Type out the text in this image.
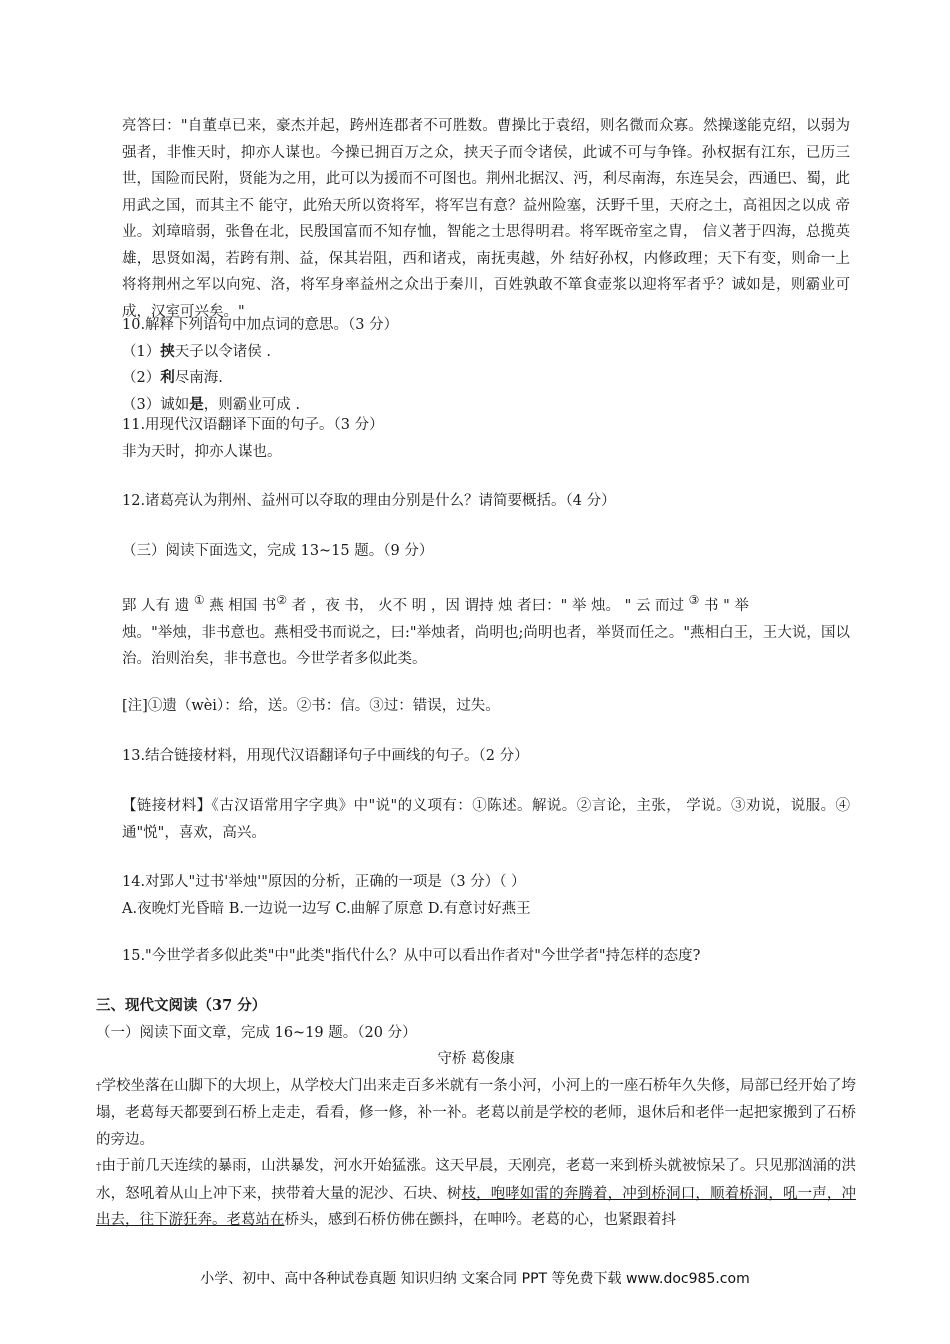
亮答曰："自董卓已来，豪杰并起，跨州连郡者不可胜数。曹操比于袁绍，则名微而众寡。然操遂能克绍，以弱为强者，非惟天时，抑亦人谋也。今操已拥百万之众，挟天子而令诸侯，此诚不可与争锋。孙权据有江东，已历三世，国险而民附，贤能为之用，此可以为援而不可图也。荆州北据汉、沔，利尽南海，东连吴会，西通巴、蜀，此用武之国，而其主不 能守，此殆天所以资将军，将军岂有意？益州险塞，沃野千里，天府之土，高祖因之以成 帝业。刘璋暗弱，张鲁在北，民殷国富而不知存恤，智能之士思得明君。将军既帝室之胄， 信义著于四海，总揽英雄，思贤如渴，若跨有荆、益，保其岩阻，西和诸戎，南抚夷越，外 结好孙权，内修政理；天下有变，则命一上将将荆州之军以向宛、洛，将军身率益州之众出于秦川，百姓孰敢不箪食壶浆以迎将军者乎？诚如是，则霸业可成，汉室可兴矣。"
10.解释下列语句中加点词的意思。（3 分）
（1）挟天子以令诸侯 .
（2）利尽南海.
（3）诚如是，则霸业可成 .
11.用现代汉语翻译下面的句子。（3 分）
非为天时，抑亦人谋也。
12.诸葛亮认为荆州、益州可以夺取的理由分别是什么？请简要概括。（4 分）
（三）阅读下面选文，完成 13~15 题。（9 分）
郢 人有 遗 ① 燕 相国 书② 者 ，夜 书， 火不 明 ，因 谓持 烛 者曰：" 举 烛。 " 云 而过 ③ 书 " 举
烛。"举烛，非书意也。燕相受书而说之，曰:"举烛者，尚明也;尚明也者，举贤而任之。"燕相白王，王大说，国以治。治则治矣，非书意也。今世学者多似此类。
[注]①遗（wèi）：给，送。②书：信。③过：错误，过失。
13.结合链接材料，用现代汉语翻译句子中画线的句子。（2 分）
【链接材料】《古汉语常用字字典》中"说"的义项有：①陈述。解说。②言论，主张， 学说。③劝说，说服。④通"悦"，喜欢，高兴。
14.对郢人"过书'举烛'"原因的分析，正确的一项是（3 分）（ ）
A.夜晚灯光昏暗 B.一边说一边写 C.曲解了原意 D.有意讨好燕王
15."今世学者多似此类"中"此类"指代什么？从中可以看出作者对"今世学者"持怎样的态度?
三、现代文阅读（37 分）
（一）阅读下面文章，完成 16~19 题。（20 分）
守桥 葛俊康
†学校坐落在山脚下的大坝上，从学校大门出来走百多米就有一条小河，小河上的一座石桥年久失修，局部已经开始了垮塌，老葛每天都要到石桥上走走，看看，修一修，补一补。老葛以前是学校的老师，退休后和老伴一起把家搬到了石桥的旁边。
†由于前几天连续的暴雨，山洪暴发，河水开始猛涨。这天早晨，天刚亮，老葛一来到桥头就被惊呆了。只见那汹涌的洪水，怒吼着从山上冲下来，挟带着大量的泥沙、石块、树枝，咆哮如雷的奔腾着，冲到桥洞口，顺着桥洞，吼一声，冲出去，往下游狂奔。老葛站在桥头，感到石桥仿佛在颤抖，在呻吟。老葛的心，也紧跟着抖
小学、初中、高中各种试卷真题 知识归纳 文案合同 PPT 等免费下载 www.doc985.com
